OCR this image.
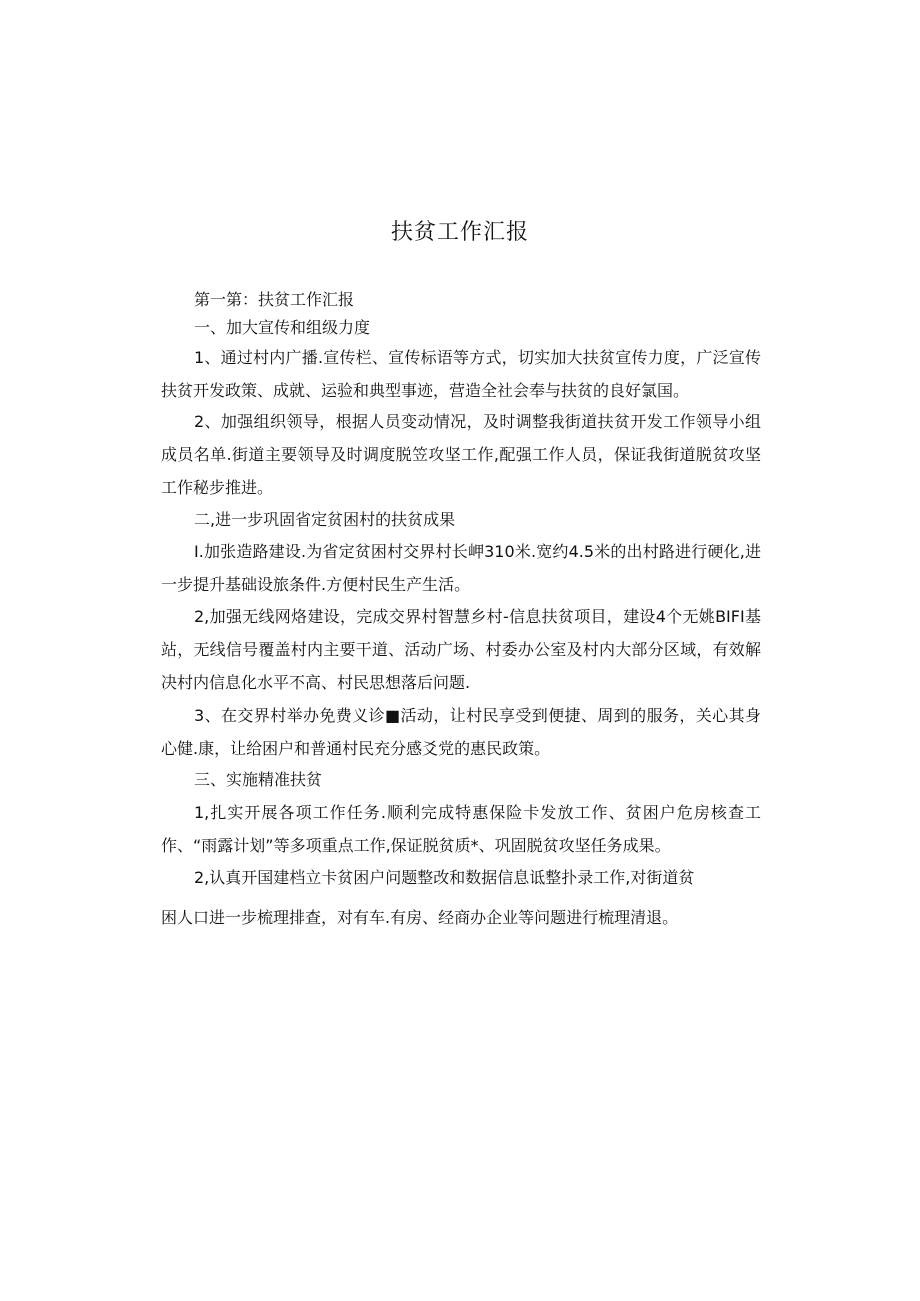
扶贫工作汇报
第一第：扶贫工作汇报
一、加大宣传和组级力度
1、通过村内广播.宣传栏、宣传标语等方式，切实加大扶贫宣传力度，广泛宣传扶贫开发政策、成就、运验和典型事迹，营造全社会奉与扶贫的良好氯国。
2、加强组织领导，根据人员变动情况，及时调整我街道扶贫开发工作领导小组成员名单.街道主要领导及时调度脱笠攻坚工作,配强工作人员，保证我街道脱贫攻坚工作秘步推进。
二,进一步巩固省定贫困村的扶贫成果
I.加张造路建设.为省定贫困村交界村长岬310米.宽约4.5米的出村路进行硬化,进一步提升基础设旅条件.方便村民生产生活。
2,加强无线网烙建设，完成交界村智慧乡村-信息扶贫项目，建设4个无姚BIFI基站，无线信号覆盖村内主要干道、活动广场、村委办公室及村内大部分区域，有效解决村内信息化水平不高、村民思想落后问题.
3、在交界村举办免费义诊■活动，让村民享受到便捷、周到的服务，关心其身心健.康，让给困户和普通村民充分感爻党的惠民政策。
三、实施精准扶贫
1,扎实开展各项工作任务.顺利完成特惠保险卡发放工作、贫困户危房核查工作、“雨露计划”等多项重点工作,保证脱贫质*、巩固脱贫攻坚任务成果。
2,认真开国建档立卡贫困户问题整改和数据信息诋整扑录工作,对街道贫
困人口进一步梳理排查，对有车.有房、经商办企业等问题进行梳理清退。
